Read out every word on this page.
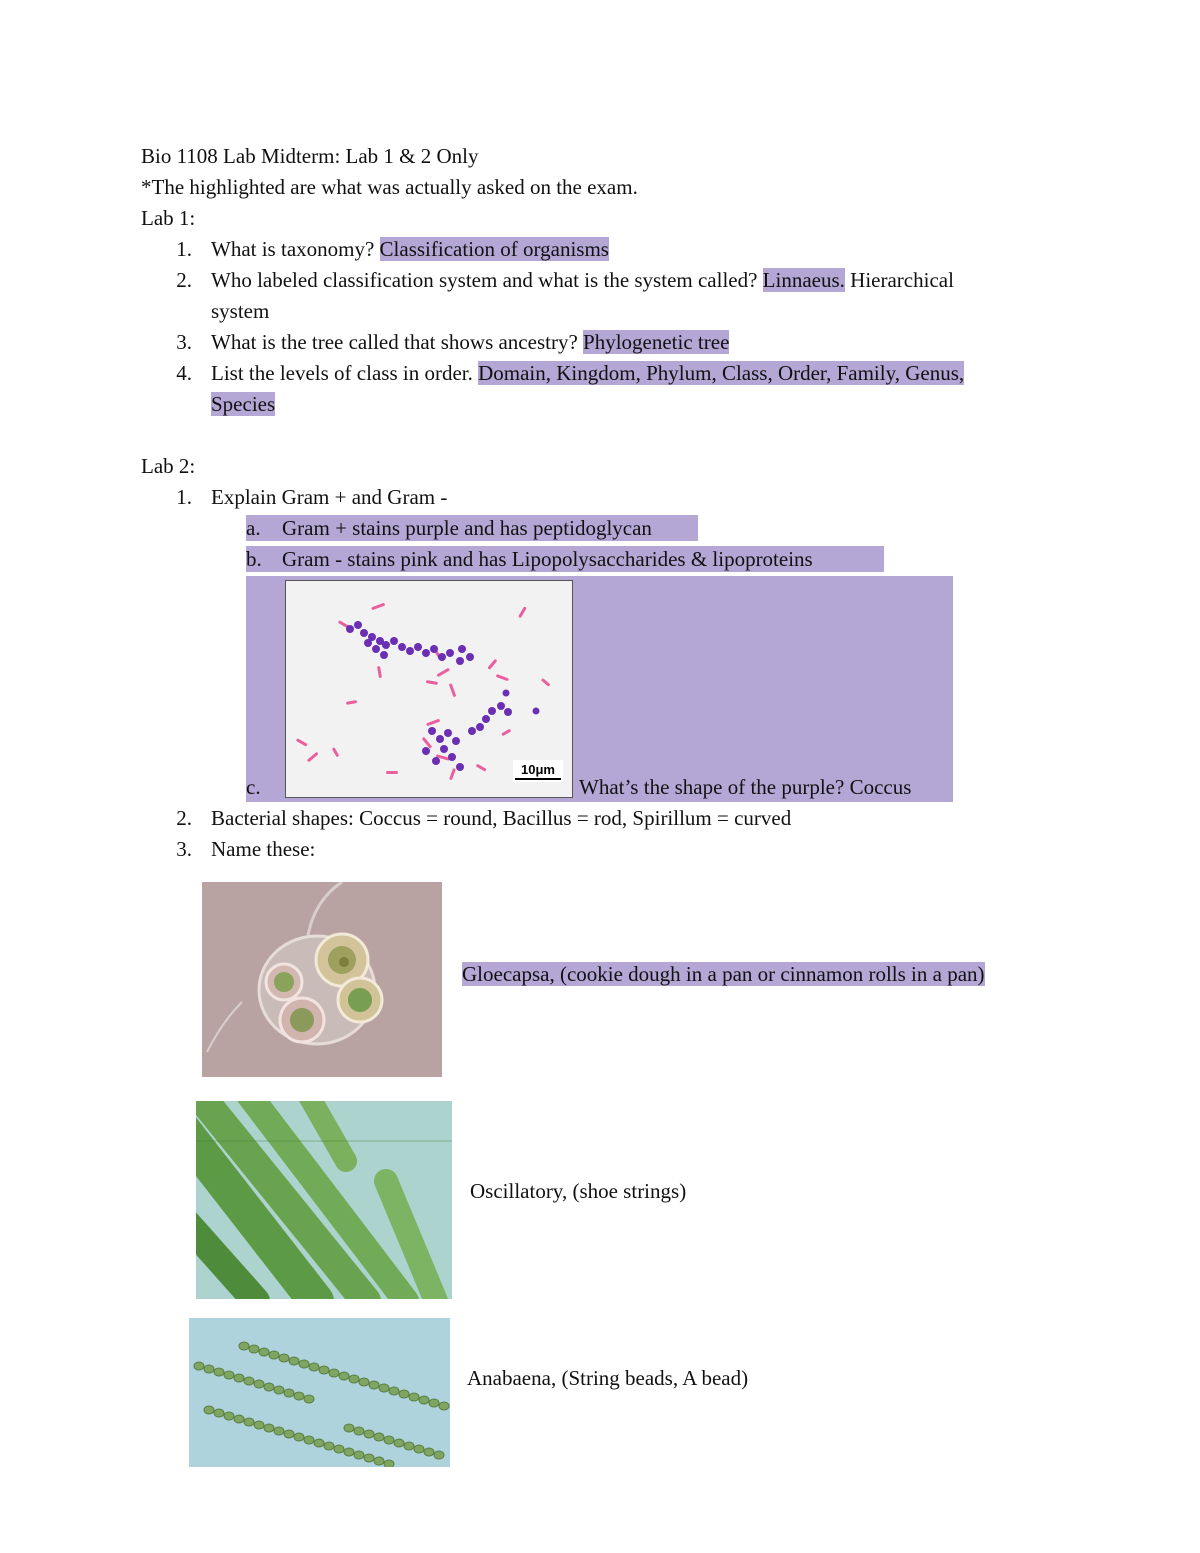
Bio 1108 Lab Midterm: Lab 1 & 2 Only
*The highlighted are what was actually asked on the exam.
Lab 1:
1. What is taxonomy? Classification of organisms
2. Who labeled classification system and what is the system called? Linnaeus. Hierarchical
system
3. What is the tree called that shows ancestry? Phylogenetic tree
4. List the levels of class in order. Domain, Kingdom, Phylum, Class, Order, Family, Genus,
Species
Lab 2:
1. Explain Gram + and Gram -
a. Gram + stains purple and has peptidoglycan
b. Gram - stains pink and has Lipopolysaccharides & lipoproteins
c.	What’s the shape of the purple? Coccus
10μm
2. Bacterial shapes: Coccus = round, Bacillus = rod, Spirillum = curved
3. Name these:
Gloecapsa, (cookie dough in a pan or cinnamon rolls in a pan)
Oscillatory, (shoe strings)
Anabaena, (String beads, A bead)
